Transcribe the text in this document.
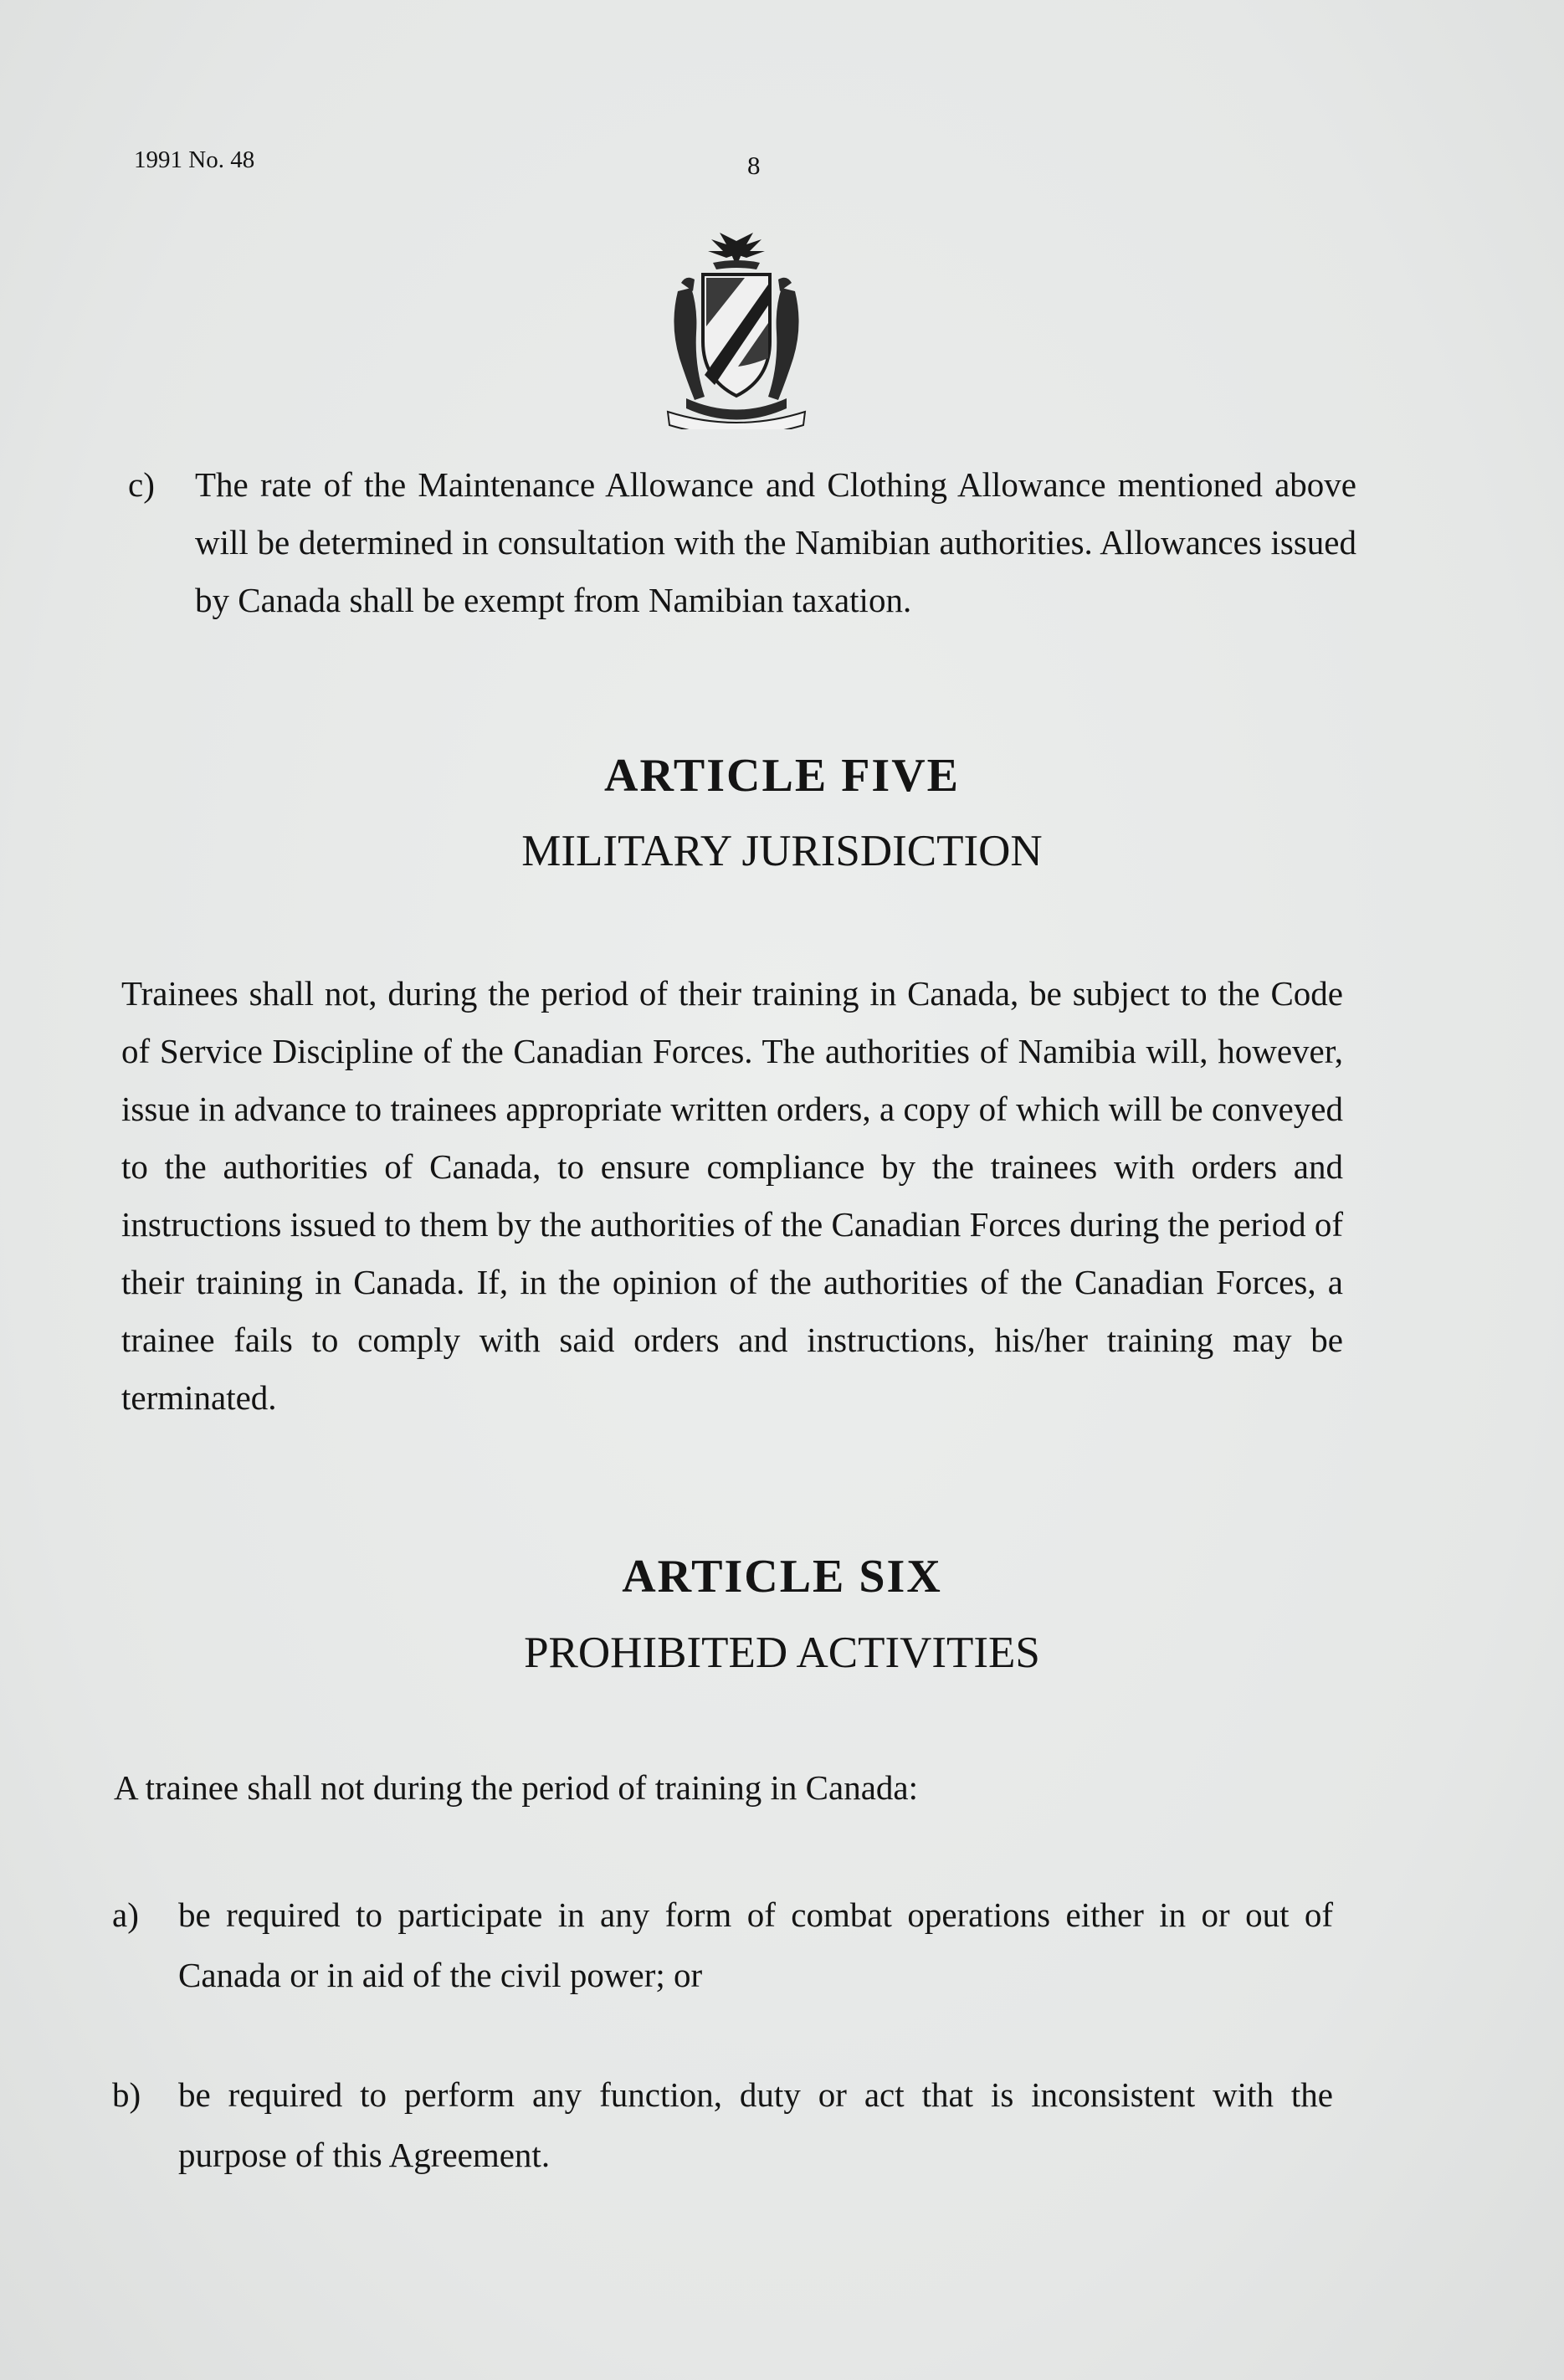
1991 No. 48	8
c) The rate of the Maintenance Allowance and Clothing Allowance mentioned above will be determined in consultation with the Namibian authorities. Allowances issued by Canada shall be exempt from Namibian taxation.

ARTICLE FIVE
MILITARY JURISDICTION

Trainees shall not, during the period of their training in Canada, be subject to the Code of Service Discipline of the Canadian Forces. The authorities of Namibia will, however, issue in advance to trainees appropriate written orders, a copy of which will be conveyed to the authorities of Canada, to ensure compliance by the trainees with orders and instructions issued to them by the authorities of the Canadian Forces during the period of their training in Canada. If, in the opinion of the authorities of the Canadian Forces, a trainee fails to comply with said orders and instructions, his/her training may be terminated.

ARTICLE SIX
PROHIBITED ACTIVITIES

A trainee shall not during the period of training in Canada:

a) be required to participate in any form of combat operations either in or out of Canada or in aid of the civil power; or

b) be required to perform any function, duty or act that is inconsistent with the purpose of this Agreement.
